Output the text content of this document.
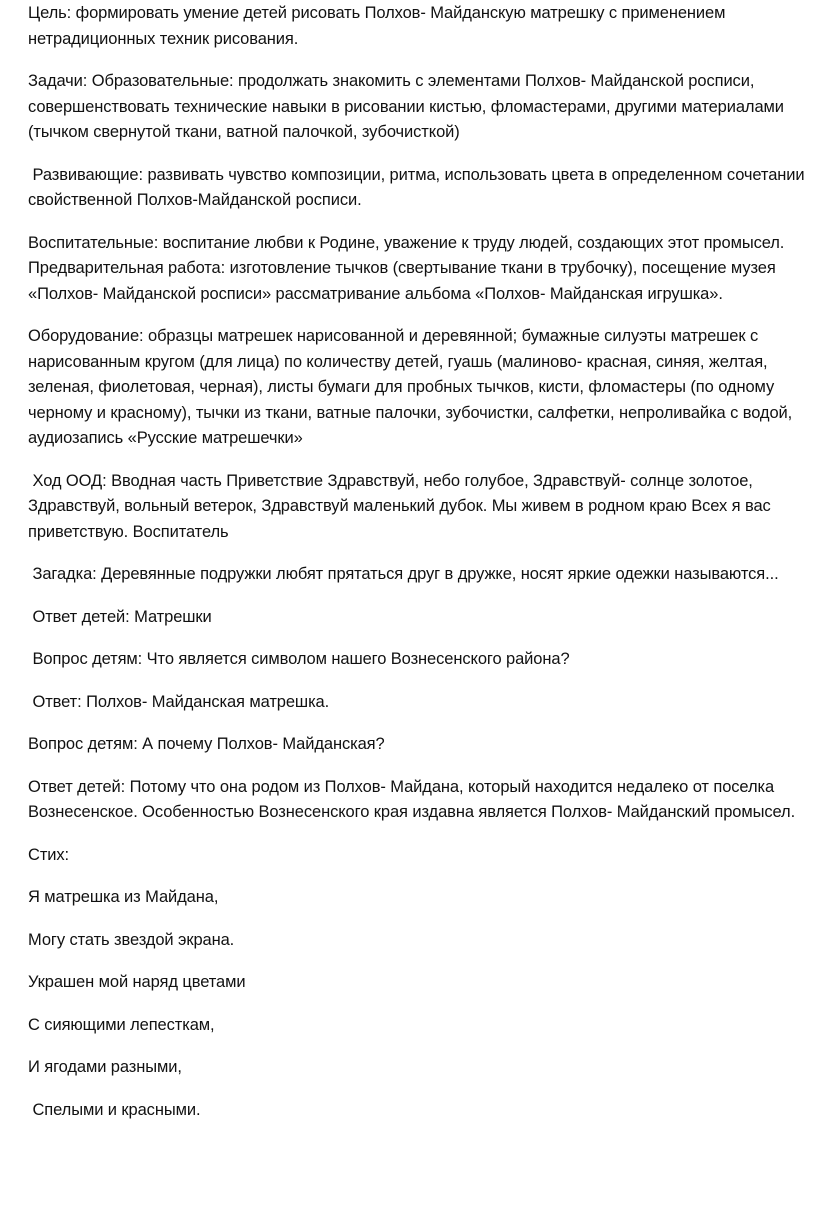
Цель: формировать умение детей рисовать Полхов- Майданскую матрешку с применением нетрадиционных техник рисования.

Задачи: Образовательные: продолжать знакомить с элементами Полхов- Майданской росписи, совершенствовать технические навыки в рисовании кистью, фломастерами, другими материалами (тычком свернутой ткани, ватной палочкой, зубочисткой)

Развивающие: развивать чувство композиции, ритма, использовать цвета в определенном сочетании свойственной Полхов-Майданской росписи.

Воспитательные: воспитание любви к Родине, уважение к труду людей, создающих этот промысел. Предварительная работа: изготовление тычков (свертывание ткани в трубочку), посещение музея «Полхов- Майданской росписи» рассматривание альбома «Полхов- Майданская игрушка».

Оборудование: образцы матрешек нарисованной и деревянной; бумажные силуэты матрешек с нарисованным кругом (для лица) по количеству детей, гуашь (малиново- красная, синяя, желтая, зеленая, фиолетовая, черная), листы бумаги для пробных тычков, кисти, фломастеры (по одному черному и красному), тычки из ткани, ватные палочки, зубочистки, салфетки, непроливайка с водой, аудиозапись «Русские матрешечки»

Ход ООД: Вводная часть Приветствие Здравствуй, небо голубое, Здравствуй- солнце золотое, Здравствуй, вольный ветерок, Здравствуй маленький дубок. Мы живем в родном краю Всех я вас приветствую. Воспитатель

Загадка: Деревянные подружки любят прятаться друг в дружке, носят яркие одежки называются...

Ответ детей: Матрешки

Вопрос детям: Что является символом нашего Вознесенского района?

Ответ: Полхов- Майданская матрешка.

Вопрос детям: А почему Полхов- Майданская?

Ответ детей: Потому что она родом из Полхов- Майдана, который находится недалеко от поселка Вознесенское. Особенностью Вознесенского края издавна является Полхов- Майданский промысел.

Стих:

Я матрешка из Майдана,

Могу стать звездой экрана.

Украшен мой наряд цветами

С сияющими лепесткам,

И ягодами разными,

Спелыми и красными.
